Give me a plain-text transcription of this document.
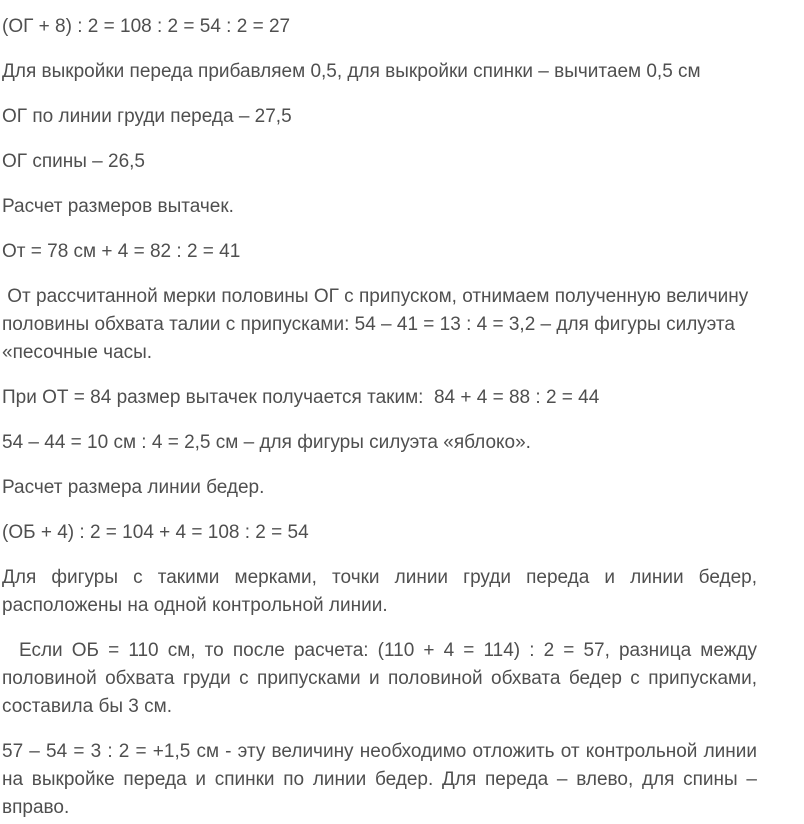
(ОГ + 8) : 2 = 108 : 2 = 54 : 2 = 27

Для выкройки переда прибавляем 0,5, для выкройки спинки – вычитаем 0,5 см

ОГ по линии груди переда – 27,5

ОГ спины – 26,5

Расчет размеров вытачек.

От = 78 см + 4 = 82 : 2 = 41

От рассчитанной мерки половины ОГ с припуском, отнимаем полученную величину половины обхвата талии с припусками: 54 – 41 = 13 : 4 = 3,2 – для фигуры силуэта «песочные часы.

При ОТ = 84 размер вытачек получается таким:  84 + 4 = 88 : 2 = 44

54 – 44 = 10 см : 4 = 2,5 см – для фигуры силуэта «яблоко».

Расчет размера линии бедер.

(ОБ + 4) : 2 = 104 + 4 = 108 : 2 = 54

Для фигуры с такими мерками, точки линии груди переда и линии бедер, расположены на одной контрольной линии.

Если ОБ = 110 см, то после расчета: (110 + 4 = 114) : 2 = 57, разница между половиной обхвата груди с припусками и половиной обхвата бедер с припусками, составила бы 3 см.

57 – 54 = 3 : 2 = +1,5 см - эту величину необходимо отложить от контрольной линии на выкройке переда и спинки по линии бедер. Для переда – влево, для спины – вправо.
